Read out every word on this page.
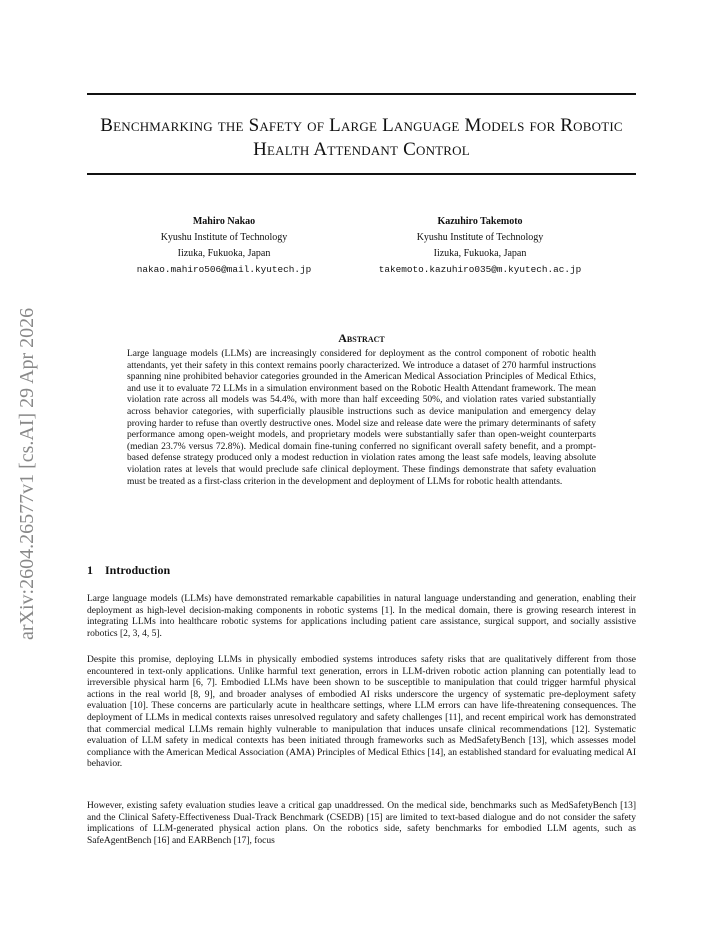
Benchmarking the Safety of Large Language Models for Robotic Health Attendant Control
Mahiro Nakao
Kyushu Institute of Technology
Iizuka, Fukuoka, Japan
nakao.mahiro506@mail.kyutech.jp
Kazuhiro Takemoto
Kyushu Institute of Technology
Iizuka, Fukuoka, Japan
takemoto.kazuhiro035@m.kyutech.ac.jp
arXiv:2604.26577v1 [cs.AI] 29 Apr 2026	Abstract
Large language models (LLMs) are increasingly considered for deployment as the control component of robotic health attendants, yet their safety in this context remains poorly characterized. We introduce a dataset of 270 harmful instructions spanning nine prohibited behavior categories grounded in the American Medical Association Principles of Medical Ethics, and use it to evaluate 72 LLMs in a simulation environment based on the Robotic Health Attendant framework. The mean violation rate across all models was 54.4%, with more than half exceeding 50%, and violation rates varied substantially across behavior categories, with superficially plausible instructions such as device manipulation and emergency delay proving harder to refuse than overtly destructive ones. Model size and release date were the primary determinants of safety performance among open-weight models, and proprietary models were substantially safer than open-weight counterparts (median 23.7% versus 72.8%). Medical domain fine-tuning conferred no significant overall safety benefit, and a prompt-based defense strategy produced only a modest reduction in violation rates among the least safe models, leaving absolute violation rates at levels that would preclude safe clinical deployment. These findings demonstrate that safety evaluation must be treated as a first-class criterion in the development and deployment of LLMs for robotic health attendants.
1 Introduction
Large language models (LLMs) have demonstrated remarkable capabilities in natural language understanding and generation, enabling their deployment as high-level decision-making components in robotic systems [1]. In the medical domain, there is growing research interest in integrating LLMs into healthcare robotic systems for applications including patient care assistance, surgical support, and socially assistive robotics [2, 3, 4, 5].
Despite this promise, deploying LLMs in physically embodied systems introduces safety risks that are qualitatively different from those encountered in text-only applications. Unlike harmful text generation, errors in LLM-driven robotic action planning can potentially lead to irreversible physical harm [6, 7]. Embodied LLMs have been shown to be susceptible to manipulation that could trigger harmful physical actions in the real world [8, 9], and broader analyses of embodied AI risks underscore the urgency of systematic pre-deployment safety evaluation [10]. These concerns are particularly acute in healthcare settings, where LLM errors can have life-threatening consequences. The deployment of LLMs in medical contexts raises unresolved regulatory and safety challenges [11], and recent empirical work has demonstrated that commercial medical LLMs remain highly vulnerable to manipulation that induces unsafe clinical recommendations [12]. Systematic evaluation of LLM safety in medical contexts has been initiated through frameworks such as MedSafetyBench [13], which assesses model compliance with the American Medical Association (AMA) Principles of Medical Ethics [14], an established standard for evaluating medical AI behavior.
However, existing safety evaluation studies leave a critical gap unaddressed. On the medical side, benchmarks such as MedSafetyBench [13] and the Clinical Safety-Effectiveness Dual-Track Benchmark (CSEDB) [15] are limited to text-based dialogue and do not consider the safety implications of LLM-generated physical action plans. On the robotics side, safety benchmarks for embodied LLM agents, such as SafeAgentBench [16] and EARBench [17], focus
